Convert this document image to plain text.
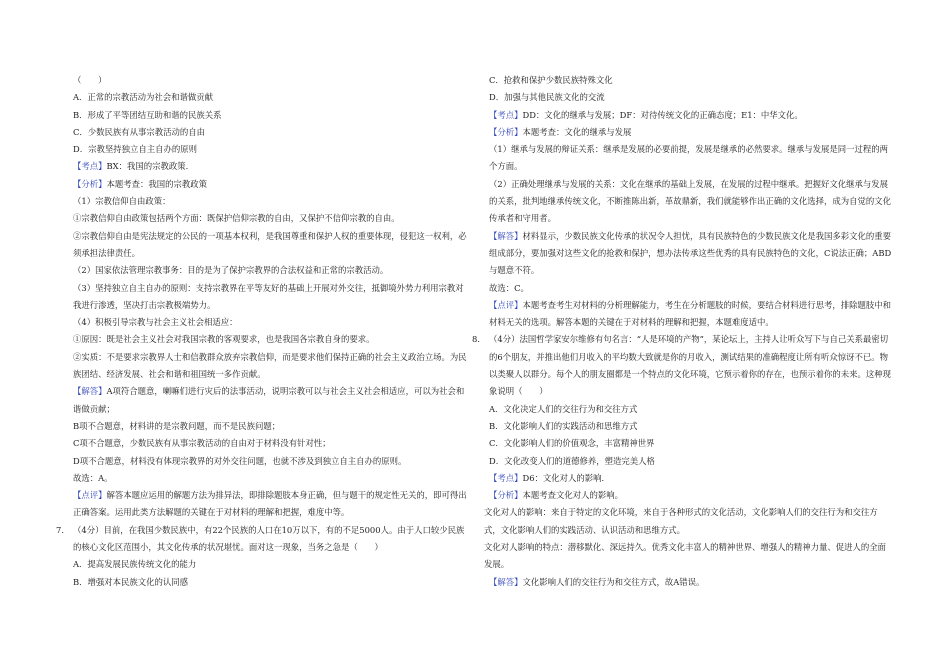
（　　）
A．正常的宗教活动为社会和谐做贡献
B．形成了平等团结互助和谐的民族关系
C．少数民族有从事宗教活动的自由
D．宗教坚持独立自主自办的原则
【考点】BX：我国的宗教政策．
【分析】本题考查：我国的宗教政策
（1）宗教信仰自由政策：
①宗教信仰自由政策包括两个方面：既保护信仰宗教的自由，又保护不信仰宗教的自由。
②宗教信仰自由是宪法规定的公民的一项基本权利，是我国尊重和保护人权的重要体现，侵犯这一权利，必须承担法律责任。
（2）国家依法管理宗教事务：目的是为了保护宗教界的合法权益和正常的宗教活动。
（3）坚持独立自主自办的原则：支持宗教界在平等友好的基础上开展对外交往，抵御境外势力利用宗教对我进行渗透，坚决打击宗教极端势力。
（4）积极引导宗教与社会主义社会相适应：
①原因：既是社会主义社会对我国宗教的客观要求，也是我国各宗教自身的要求。
②实质：不是要求宗教界人士和信教群众放弃宗教信仰，而是要求他们保持正确的社会主义政治立场。为民族团结、经济发展、社会和谐和祖国统一多作贡献。
【解答】A项符合题意，喇嘛们进行灾后的法事活动，说明宗教可以与社会主义社会相适应，可以为社会和谐做贡献；
B项不合题意，材料讲的是宗教问题，而不是民族问题；
C项不合题意，少数民族有从事宗教活动的自由对于材料没有针对性；
D项不合题意，材料没有体现宗教界的对外交往问题，也就不涉及到独立自主自办的原则。
故选：A。
【点评】解答本题应运用的解题方法为排异法，即排除题肢本身正确，但与题干的规定性无关的，即可得出正确答案。运用此类方法解题的关键在于对材料的理解和把握，难度中等。
7． （4分）目前，在我国少数民族中，有22个民族的人口在10万以下，有的不足5000人。由于人口较少民族的核心文化区范围小，其文化传承的状况堪忧。面对这一现象，当务之急是（　　）
A．提高发展民族传统文化的能力
B．增强对本民族文化的认同感
C．抢救和保护少数民族特殊文化
D．加强与其他民族文化的交流
【考点】DD：文化的继承与发展；DF：对待传统文化的正确态度；E1：中华文化。
【分析】本题考查：文化的继承与发展
（1）继承与发展的辩证关系：继承是发展的必要前提，发展是继承的必然要求。继承与发展是同一过程的两个方面。
（2）正确处理继承与发展的关系：文化在继承的基础上发展，在发展的过程中继承。把握好文化继承与发展的关系，批判地继承传统文化，不断推陈出新，革故鼎新，我们就能够作出正确的文化选择，成为自觉的文化传承者和守用者。
【解答】材料显示，少数民族文化传承的状况令人担忧，具有民族特色的少数民族文化是我国多彩文化的重要组成部分，要加强对这些文化的抢救和保护，想办法传承这些优秀的具有民族特色的文化，C说法正确；ABD与题意不符。
故选：C。
【点评】本题考查考生对材料的分析理解能力，考生在分析题肢的时候，要结合材料进行思考，排除题肢中和材料无关的选项。解答本题的关键在于对材料的理解和把握，本题难度适中。
8． （4分）法国哲学家安尔维修有句名言：“人是环境的产物”，某论坛上，主持人让听众写下与自己关系最密切的6个朋友，并推出他们月收入的平均数大致就是你的月收入，测试结果的准确程度让所有听众惊讶不已。物以类聚人以群分。每个人的朋友圈都是一个特点的文化环境，它预示着你的存在，也预示着你的未来。这种现象说明（　　）
A．文化决定人们的交往行为和交往方式
B．文化影响人们的实践活动和思维方式
C．文化影响人们的价值观念，丰富精神世界
D．文化改变人们的道德修养，塑造完美人格
【考点】D6：文化对人的影响．
【分析】本题考查文化对人的影响。
文化对人的影响：来自于特定的文化环境，来自于各种形式的文化活动，文化影响人们的交往行为和交往方式，文化影响人们的实践活动、认识活动和思维方式。
文化对人影响的特点：潜移默化、深远持久。优秀文化丰富人的精神世界、增强人的精神力量、促进人的全面发展。
【解答】文化影响人们的交往行为和交往方式，故A错误。
